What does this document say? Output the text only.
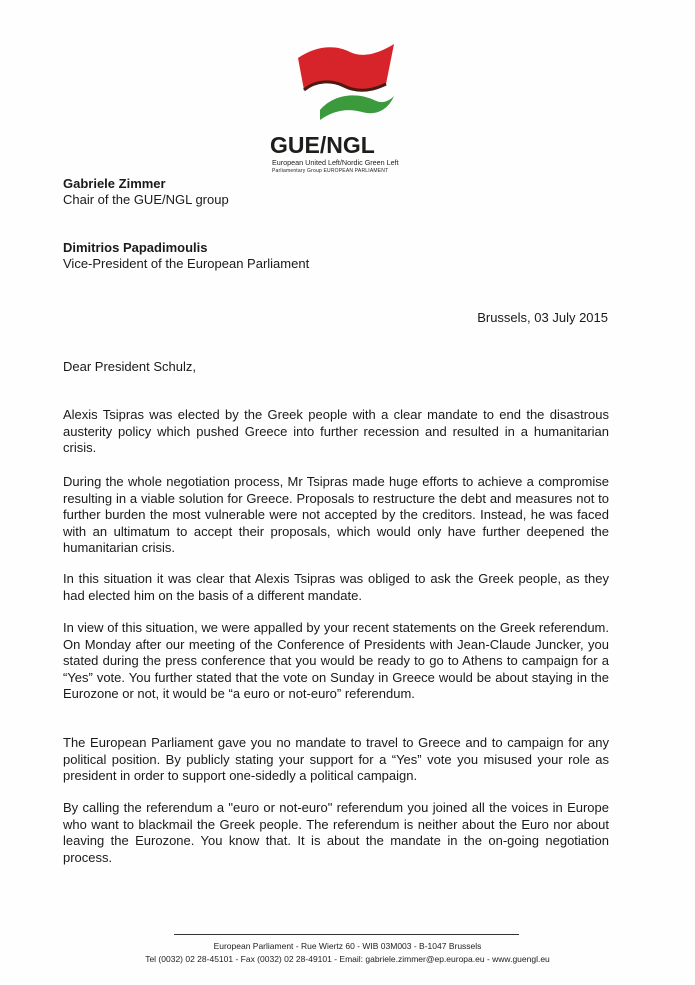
GUE/NGL
European United Left/Nordic Green Left
Parliamentary Group EUROPEAN PARLIAMENT
Gabriele Zimmer
Chair of the GUE/NGL group
Dimitrios Papadimoulis
Vice-President of the European Parliament
Brussels, 03 July 2015
Dear President Schulz,

Alexis Tsipras was elected by the Greek people with a clear mandate to end the disastrous austerity policy which pushed Greece into further recession and resulted in a humanitarian crisis.

During the whole negotiation process, Mr Tsipras made huge efforts to achieve a compromise resulting in a viable solution for Greece. Proposals to restructure the debt and measures not to further burden the most vulnerable were not accepted by the creditors. Instead, he was faced with an ultimatum to accept their proposals, which would only have further deepened the humanitarian crisis.

In this situation it was clear that Alexis Tsipras was obliged to ask the Greek people, as they had elected him on the basis of a different mandate.

In view of this situation, we were appalled by your recent statements on the Greek referendum. On Monday after our meeting of the Conference of Presidents with Jean-Claude Juncker, you stated during the press conference that you would be ready to go to Athens to campaign for a “Yes” vote. You further stated that the vote on Sunday in Greece would be about staying in the Eurozone or not, it would be “a euro or not-euro” referendum.

The European Parliament gave you no mandate to travel to Greece and to campaign for any political position. By publicly stating your support for a “Yes” vote you misused your role as president in order to support one-sidedly a political campaign.

By calling the referendum a "euro or not-euro" referendum you joined all the voices in Europe who want to blackmail the Greek people. The referendum is neither about the Euro nor about leaving the Eurozone. You know that. It is about the mandate in the on-going negotiation process.

European Parliament - Rue Wiertz 60 - WIB 03M003 - B-1047 Brussels
Tel (0032) 02 28-45101 - Fax (0032) 02 28-49101 - Email: gabriele.zimmer@ep.europa.eu - www.guengl.eu
